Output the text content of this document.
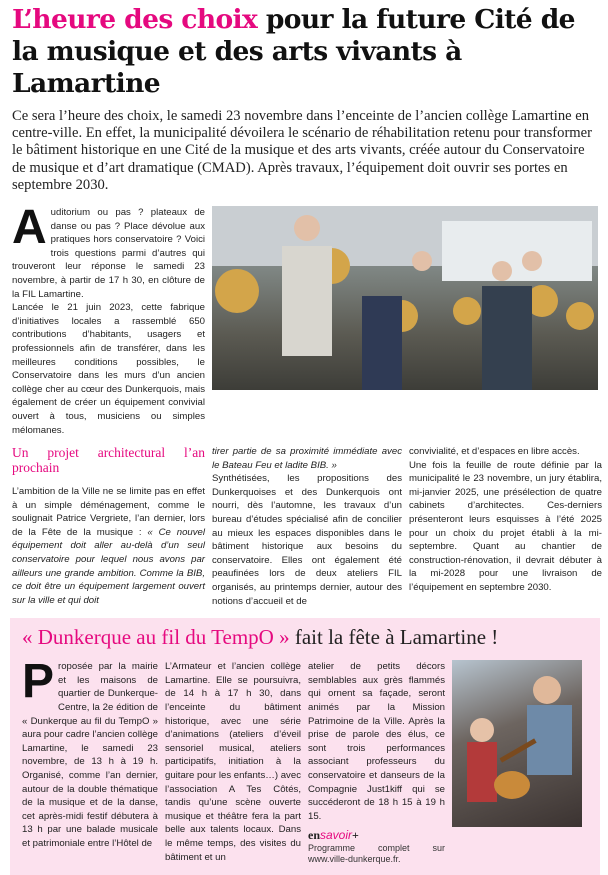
L’heure des choix pour la future Cité de la musique et des arts vivants à Lamartine

Ce sera l’heure des choix, le samedi 23 novembre dans l’enceinte de l’ancien collège Lamartine en centre-ville. En effet, la municipalité dévoilera le scénario de réhabilitation retenu pour transformer le bâtiment historique en une Cité de la musique et des arts vivants, créée autour du Conservatoire de musique et d’art dramatique (CMAD). Après travaux, l’équipement doit ouvrir ses portes en septembre 2030.

Auditorium ou pas ? plateaux de danse ou pas ? Place dévolue aux pratiques hors conservatoire ? Voici trois questions parmi d’autres qui trouveront leur réponse le samedi 23 novembre, à partir de 17 h 30, en clôture de la FIL Lamartine.

Lancée le 21 juin 2023, cette fabrique d’initiatives locales a rassemblé 650 contributions d’habitants, usagers et professionnels afin de transférer, dans les meilleures conditions possibles, le Conservatoire dans les murs d’un ancien collège cher au cœur des Dunkerquois, mais également de créer un équipement convivial ouvert à tous, musiciens ou simples mélomanes.

Un projet architectural l’an prochain

L’ambition de la Ville ne se limite pas en effet à un simple déménagement, comme le soulignait Patrice Vergriete, l’an dernier, lors de la Fête de la musique : « Ce nouvel équipement doit aller au-delà d’un seul conservatoire pour lequel nous avons par ailleurs une grande ambition. Comme la BIB, ce doit être un équipement largement ouvert sur la ville et qui doit

tirer partie de sa proximité immédiate avec le Bateau Feu et ladite BIB. »

Synthétisées, les propositions des Dunkerquoises et des Dunkerquois ont nourri, dès l’automne, les travaux d’un bureau d’études spécialisé afin de concilier au mieux les espaces disponibles dans le bâtiment historique aux besoins du conservatoire. Elles ont également été peaufinées lors de deux ateliers FIL organisés, au printemps dernier, autour des notions d’accueil et de

convivialité, et d’espaces en libre accès.

Une fois la feuille de route définie par la municipalité le 23 novembre, un jury établira, mi-janvier 2025, une présélection de quatre cabinets d’architectes. Ces-derniers présenteront leurs esquisses à l’été 2025 pour un choix du projet établi à la mi-septembre. Quant au chantier de construction-rénovation, il devrait débuter à la mi-2028 pour une livraison de l’équipement en septembre 2030.

« Dunkerque au fil du TempO » fait la fête à Lamartine !

Proposée par la mairie et les maisons de quartier de Dunkerque-Centre, la 2e édition de « Dunkerque au fil du TempO » aura pour cadre l’ancien collège Lamartine, le samedi 23 novembre, de 13 h à 19 h. Organisé, comme l’an dernier, autour de la double thématique de la musique et de la danse, cet après-midi festif débutera à 13 h par une balade musicale et patrimoniale entre l’Hôtel de

L’Armateur et l’ancien collège Lamartine. Elle se poursuivra, de 14 h à 17 h 30, dans l’enceinte du bâtiment historique, avec une série d’animations (ateliers d’éveil sensoriel musical, ateliers participatifs, initiation à la guitare pour les enfants…) avec l’association A Tes Côtés, tandis qu’une scène ouverte musique et théâtre fera la part belle aux talents locaux. Dans le même temps, des visites du bâtiment et un

atelier de petits décors semblables aux grès flammés qui ornent sa façade, seront animés par la Mission Patrimoine de la Ville. Après la prise de parole des élus, ce sont trois performances associant professeurs du conservatoire et danseurs de la Compagnie Just1kiff qui se succéderont de 18 h 15 à 19 h 15.

ensavoir+

Programme complet sur www.ville-dunkerque.fr.
